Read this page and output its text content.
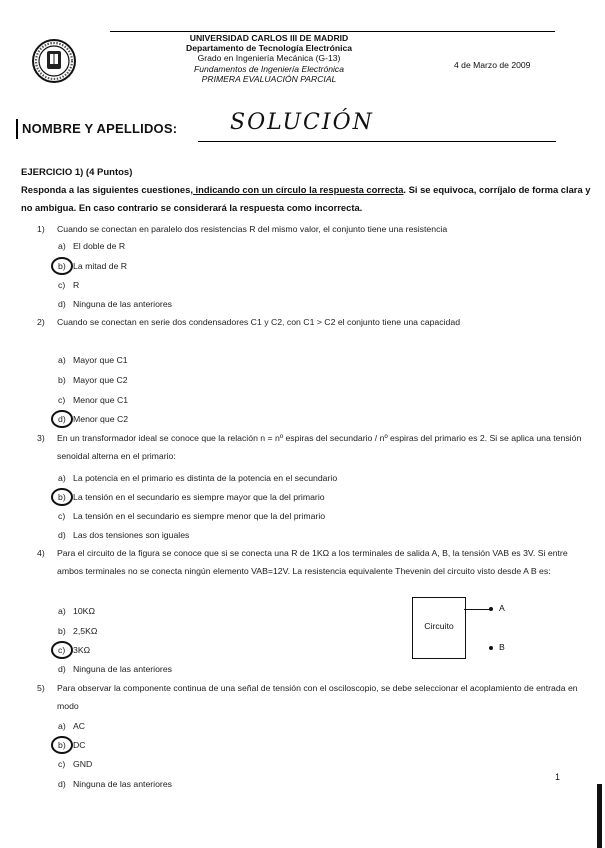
UNIVERSIDAD CARLOS III DE MADRID
Departamento de Tecnología Electrónica
Grado en Ingeniería Mecánica (G-13)
Fundamentos de Ingeniería Electrónica
PRIMERA EVALUACIÓN PARCIAL
4 de Marzo de 2009
NOMBRE Y APELLIDOS: SOLUCIÓN
EJERCICIO 1) (4 Puntos)
Responda a las siguientes cuestiones, indicando con un círculo la respuesta correcta. Si se equivoca, corríjalo de forma clara y no ambigua. En caso contrario se considerará la respuesta como incorrecta.
1) Cuando se conectan en paralelo dos resistencias R del mismo valor, el conjunto tiene una resistencia
a) El doble de R
b) La mitad de R
c) R
d) Ninguna de las anteriores
2) Cuando se conectan en serie dos condensadores C1 y C2, con C1 > C2 el conjunto tiene una capacidad
a) Mayor que C1
b) Mayor que C2
c) Menor que C1
d) Menor que C2
3) En un transformador ideal se conoce que la relación n = nº espiras del secundario / nº espiras del primario es 2. Si se aplica una tensión senoidal alterna en el primario:
a) La potencia en el primario es distinta de la potencia en el secundario
b) La tensión en el secundario es siempre mayor que la del primario
c) La tensión en el secundario es siempre menor que la del primario
d) Las dos tensiones son iguales
4) Para el circuito de la figura se conoce que si se conecta una R de 1KΩ a los terminales de salida A, B, la tensión VAB es 3V. Si entre ambos terminales no se conecta ningún elemento VAB=12V. La resistencia equivalente Thevenin del circuito visto desde A B es:
a) 10KΩ
b) 2,5KΩ
c) 3KΩ
d) Ninguna de las anteriores
Circuito
A
B
5) Para observar la componente continua de una señal de tensión con el osciloscopio, se debe seleccionar el acoplamiento de entrada en modo
a) AC
b) DC
c) GND
d) Ninguna de las anteriores
1
